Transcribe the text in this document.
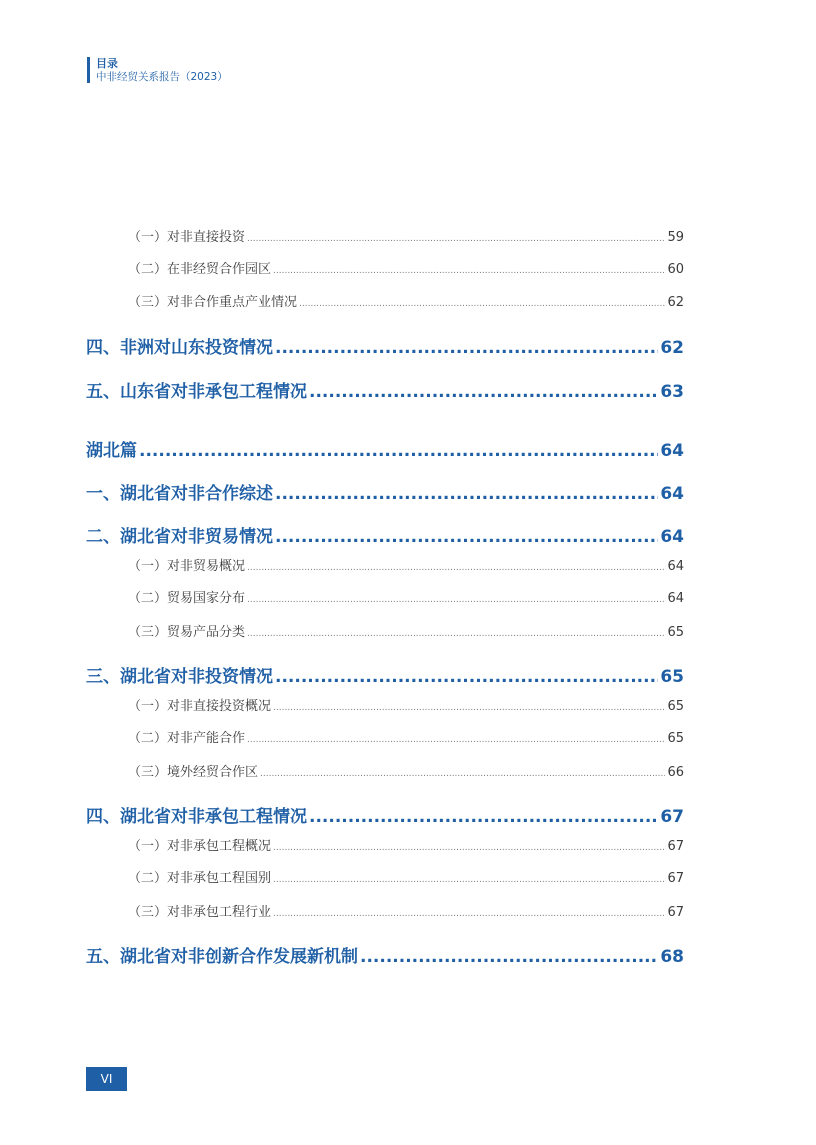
目录
中非经贸关系报告（2023）
（一）对非直接投资 .....	59
（二）在非经贸合作园区 .....	60
（三）对非合作重点产业情况 .....	62
四、非洲对山东投资情况 .....	62
五、山东省对非承包工程情况 .....	63
湖北篇 .....	64
一、湖北省对非合作综述 .....	64
二、湖北省对非贸易情况 .....	64
（一）对非贸易概况 .....	64
（二）贸易国家分布 .....	64
（三）贸易产品分类 .....	65
三、湖北省对非投资情况 .....	65
（一）对非直接投资概况 .....	65
（二）对非产能合作 .....	65
（三）境外经贸合作区 .....	66
四、湖北省对非承包工程情况 .....	67
（一）对非承包工程概况 .....	67
（二）对非承包工程国别 .....	67
（三）对非承包工程行业 .....	67
五、湖北省对非创新合作发展新机制 .....	68
VI
